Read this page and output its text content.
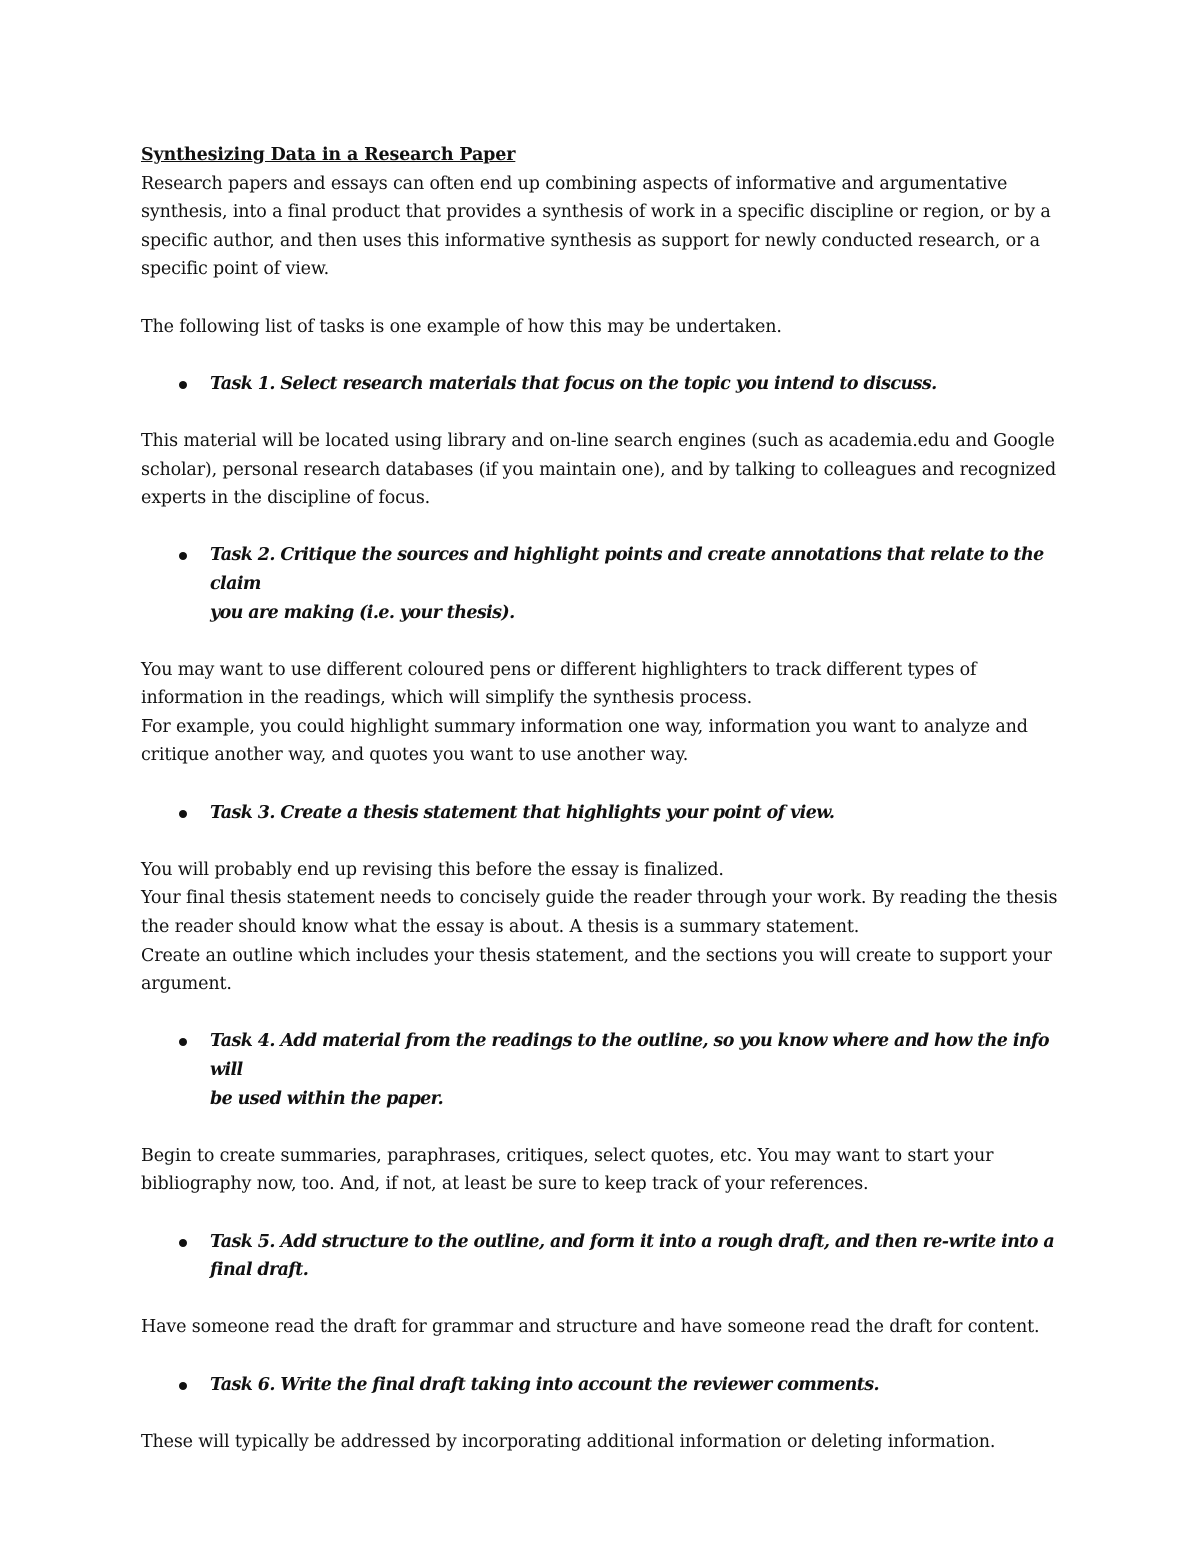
Synthesizing Data in a Research Paper

Research papers and essays can often end up combining aspects of informative and argumentative

synthesis, into a final product that provides a synthesis of work in a specific discipline or region, or by a

specific author, and then uses this informative synthesis as support for newly conducted research, or a

specific point of view.

The following list of tasks is one example of how this may be undertaken.

Task 1. Select research materials that focus on the topic you intend to discuss.

This material will be located using library and on-line search engines (such as academia.edu and Google

scholar), personal research databases (if you maintain one), and by talking to colleagues and recognized

experts in the discipline of focus.

Task 2. Critique the sources and highlight points and create annotations that relate to the claim
you are making (i.e. your thesis).

You may want to use different coloured pens or different highlighters to track different types of

information in the readings, which will simplify the synthesis process.

For example, you could highlight summary information one way, information you want to analyze and

critique another way, and quotes you want to use another way.

Task 3. Create a thesis statement that highlights your point of view.

You will probably end up revising this before the essay is finalized.

Your final thesis statement needs to concisely guide the reader through your work. By reading the thesis

the reader should know what the essay is about. A thesis is a summary statement.

Create an outline which includes your thesis statement, and the sections you will create to support your

argument.

Task 4. Add material from the readings to the outline, so you know where and how the info will
be used within the paper.

Begin to create summaries, paraphrases, critiques, select quotes, etc. You may want to start your

bibliography now, too. And, if not, at least be sure to keep track of your references.

Task 5. Add structure to the outline, and form it into a rough draft, and then re-write into a
final draft.

Have someone read the draft for grammar and structure and have someone read the draft for content.

Task 6. Write the final draft taking into account the reviewer comments.

These will typically be addressed by incorporating additional information or deleting information.
